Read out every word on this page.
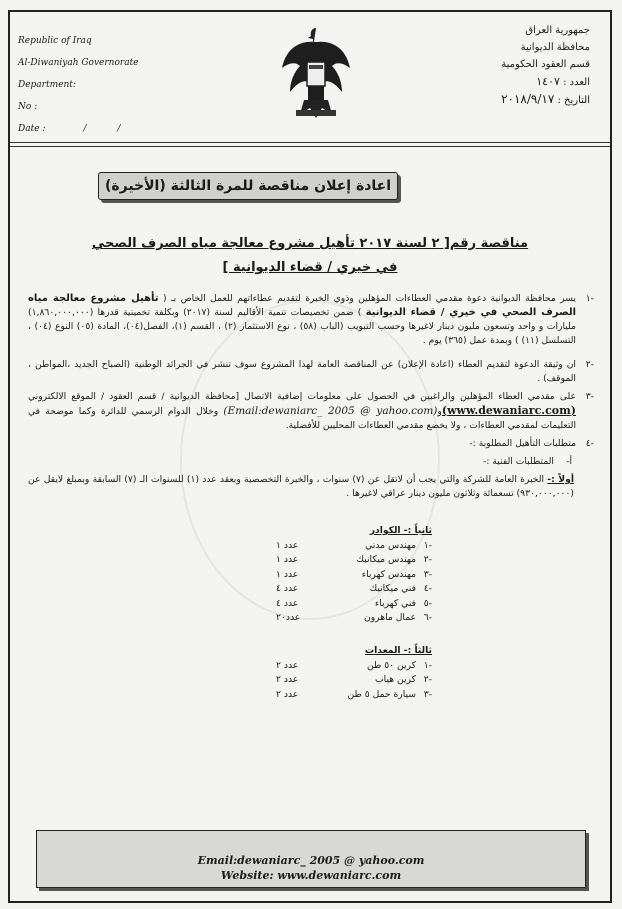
Republic of Iraq
Al-Diwaniyah Governorate
Department:
No :
Date :	/ /
جمهورية العراق
محافظة الديوانية
قسم العقود الحكومية
العدد : ١٤٠٧
التاريخ : ٢٠١٨/٩/١٧
اعادة إعلان مناقصة للمرة الثالثة (الأخيرة)
مناقصة رقم[ ٢ لسنة ٢٠١٧ تأهيل مشروع معالجة مياه الصرف الصحي
في خيري / قضاء الديوانية ]
-١
يسر محافظة الديوانية دعوة مقدمي العطاءات المؤهلين وذوي الخبرة لتقديم عطاءاتهم للعمل الخاص بـ ( تأهيل مشروع معالجة مياه الصرف الصحي في خيري / قضاء الديوانية ) ضمن تخصيصات تنمية الأقاليم لسنة (٢٠١٧) وبكلفة تخمينية قدرها (١,٨٦٠,٠٠٠,٠٠٠) مليارات و واحد وتسعون مليون دينار لاغيرها وحسب التبويب (الباب (٥٨) ، نوع الاستثمار (٢) ، القسم (١)، الفصل(٠٤)، المادة (٠٥) النوع (٠٤) ، التسلسل (١١) ) وبمدة عمل (٣٦٥) يوم .
-٢
ان وثيقة الدعوة لتقديم العطاء (اعادة الإعلان) عن المناقصة العامة لهذا المشروع سوف تنشر في الجرائد الوطنية (الصباح الجديد ،المواطن ، الموقف) .
-٣
على مقدمي العطاء المؤهلين والراغبين في الحصول على معلومات إضافية الاتصال [محافظة الديوانية / قسم العقود / الموقع الالكتروني (www.dewaniarc.com)و(Email:dewaniarc_ 2005 @ yahoo.com) وخلال الدوام الرسمي للدائرة وكما موضحة في التعليمات لمقدمي العطاءات ، ولا يخضع مقدمي العطاءات المحليين للأفضلية.
-٤
متطلبات التأهيل المطلوبة :-
أ-
المتطلبات الفنية :-
أولاً :- الخبرة العامة للشركة والتي يجب أن لاتقل عن (٧) سنوات ، والخبرة التخصصية وبعقد عدد (١) للسنوات الـ (٧) السابقة وبمبلغ لايقل عن (٩٣٠,٠٠٠,٠٠٠) تسعمائة وثلاثون مليون دينار عراقي لاغيرها .
ثانياً :- الكوادر
-١
مهندس مدني
عدد ١
-٢
مهندس ميكانيك
عدد ١
-٣
مهندس كهرباء
عدد ١
-٤
فني ميكانيك
عدد ٤
-٥
فني كهرباء
عدد ٤
-٦
عمال ماهرون
عدد٢٠
ثالثاً :- المعدات
-١
كرين ٥٠ طن
عدد ٢
-٢
كرين هياب
عدد ٢
-٣
سيارة حمل ٥ طن
عدد ٢
Email:dewaniarc_ 2005 @ yahoo.com
Website: www.dewaniarc.com
